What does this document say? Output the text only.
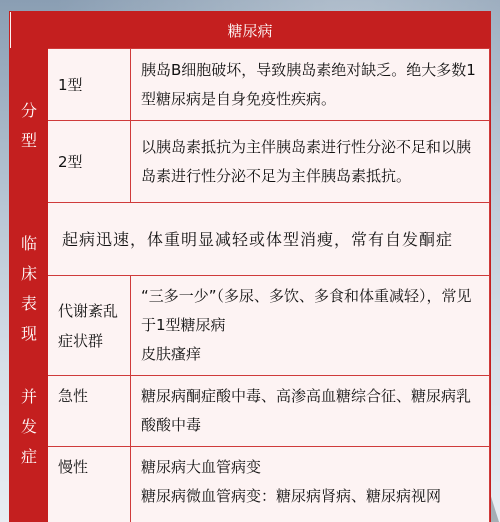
糖尿病		

分
型	1型	胰岛B细胞破坏，导致胰岛素绝对缺乏。绝大多数1型糖尿病是自身免疫性疾病。
	2型	以胰岛素抵抗为主伴胰岛素进行性分泌不足和以胰岛素进行性分泌不足为主伴胰岛素抵抗。

临
床
表
现	起病迅速，体重明显减轻或体型消瘦，常有自发酮症	
	代谢紊乱症状群	“三多一少”（多尿、多饮、多食和体重减轻），常见于1型糖尿病

皮肤瘙痒

并
发
症	急性	糖尿病酮症酸中毒、高渗高血糖综合征、糖尿病乳酸酸中毒
	慢性	糖尿病大血管病变

糖尿病微血管病变：糖尿病肾病、糖尿病视网
